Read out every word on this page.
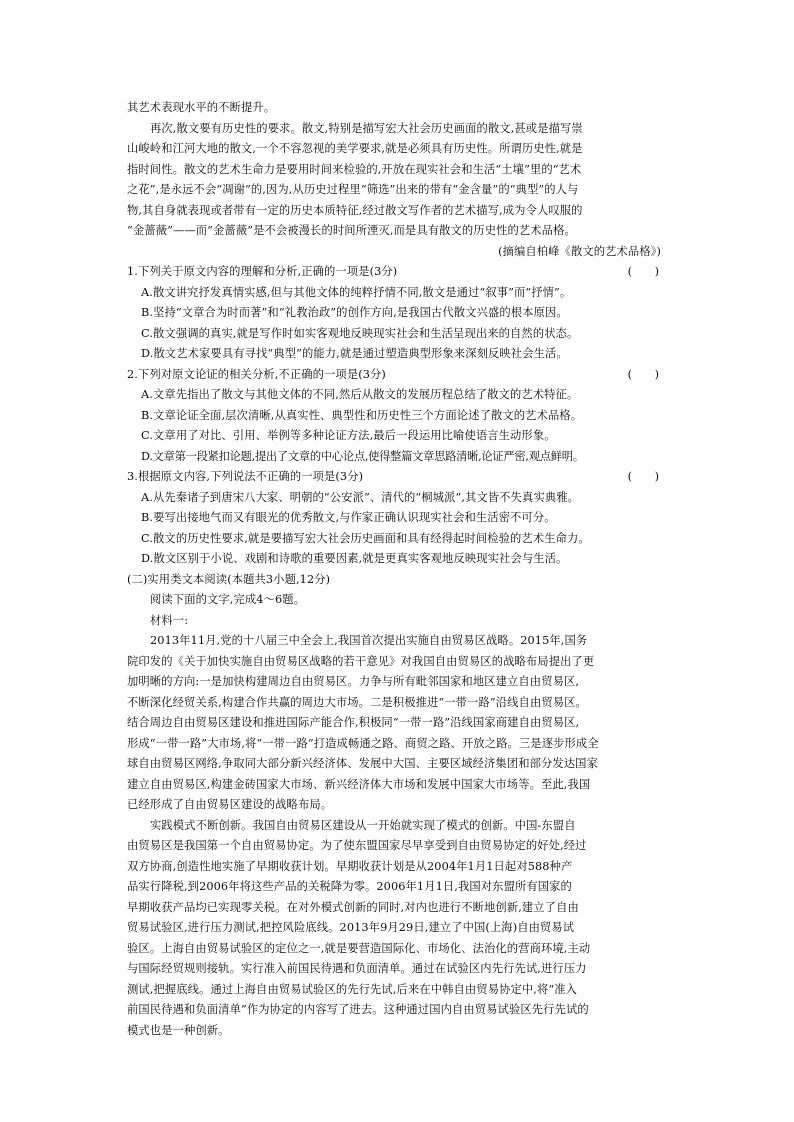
其艺术表现水平的不断提升。
再次,散文要有历史性的要求。散文,特别是描写宏大社会历史画面的散文,甚或是描写崇
山峻岭和江河大地的散文,一个不容忽视的美学要求,就是必须具有历史性。所谓历史性,就是
指时间性。散文的艺术生命力是要用时间来检验的,开放在现实社会和生活“土壤”里的“艺术
之花”,是永远不会“凋谢”的,因为,从历史过程里“筛选”出来的带有“金含量”的“典型”的人与
物,其自身就表现或者带有一定的历史本质特征,经过散文写作者的艺术描写,成为令人叹服的
“金蔷薇”——而“金蔷薇”是不会被漫长的时间所湮灭,而是具有散文的历史性的艺术品格。
(摘编自柏峰《散文的艺术品格》)
1.下列关于原文内容的理解和分析,正确的一项是(3分)	(　　)
A.散文讲究抒发真情实感,但与其他文体的纯粹抒情不同,散文是通过“叙事”而“抒情”。
B.坚持“文章合为时而著”和“礼教治政”的创作方向,是我国古代散文兴盛的根本原因。
C.散文强调的真实,就是写作时如实客观地反映现实社会和生活呈现出来的自然的状态。
D.散文艺术家要具有寻找“典型”的能力,就是通过塑造典型形象来深刻反映社会生活。
2.下列对原文论证的相关分析,不正确的一项是(3分)	(　　)
A.文章先指出了散文与其他文体的不同,然后从散文的发展历程总结了散文的艺术特征。
B.文章论证全面,层次清晰,从真实性、典型性和历史性三个方面论述了散文的艺术品格。
C.文章用了对比、引用、举例等多种论证方法,最后一段运用比喻使语言生动形象。
D.文章第一段紧扣论题,提出了文章的中心论点,使得整篇文章思路清晰,论证严密,观点鲜明。
3.根据原文内容,下列说法不正确的一项是(3分)	(　　)
A.从先秦诸子到唐宋八大家、明朝的“公安派”、清代的“桐城派”,其文皆不失真实典雅。
B.要写出接地气而又有眼光的优秀散文,与作家正确认识现实社会和生活密不可分。
C.散文的历史性要求,就是要描写宏大社会历史画面和具有经得起时间检验的艺术生命力。
D.散文区别于小说、戏剧和诗歌的重要因素,就是更真实客观地反映现实社会与生活。
(二)实用类文本阅读(本题共3小题,12分)
阅读下面的文字,完成4～6题。
材料一:
2013年11月,党的十八届三中全会上,我国首次提出实施自由贸易区战略。2015年,国务
院印发的《关于加快实施自由贸易区战略的若干意见》对我国自由贸易区的战略布局提出了更
加明晰的方向:一是加快构建周边自由贸易区。力争与所有毗邻国家和地区建立自由贸易区,
不断深化经贸关系,构建合作共赢的周边大市场。二是积极推进“一带一路”沿线自由贸易区。
结合周边自由贸易区建设和推进国际产能合作,积极同“一带一路”沿线国家商建自由贸易区,
形成“一带一路”大市场,将“一带一路”打造成畅通之路、商贸之路、开放之路。三是逐步形成全
球自由贸易区网络,争取同大部分新兴经济体、发展中大国、主要区域经济集团和部分发达国家
建立自由贸易区,构建金砖国家大市场、新兴经济体大市场和发展中国家大市场等。至此,我国
已经形成了自由贸易区建设的战略布局。
实践模式不断创新。我国自由贸易区建设从一开始就实现了模式的创新。中国-东盟自
由贸易区是我国第一个自由贸易协定。为了使东盟国家尽早享受到自由贸易协定的好处,经过
双方协商,创造性地实施了早期收获计划。早期收获计划是从2004年1月1日起对588种产
品实行降税,到2006年将这些产品的关税降为零。2006年1月1日,我国对东盟所有国家的
早期收获产品均已实现零关税。在对外模式创新的同时,对内也进行不断地创新,建立了自由
贸易试验区,进行压力测试,把控风险底线。2013年9月29日,建立了中国(上海)自由贸易试
验区。上海自由贸易试验区的定位之一,就是要营造国际化、市场化、法治化的营商环境,主动
与国际经贸规则接轨。实行准入前国民待遇和负面清单。通过在试验区内先行先试,进行压力
测试,把握底线。通过上海自由贸易试验区的先行先试,后来在中韩自由贸易协定中,将“准入
前国民待遇和负面清单”作为协定的内容写了进去。这种通过国内自由贸易试验区先行先试的
模式也是一种创新。
